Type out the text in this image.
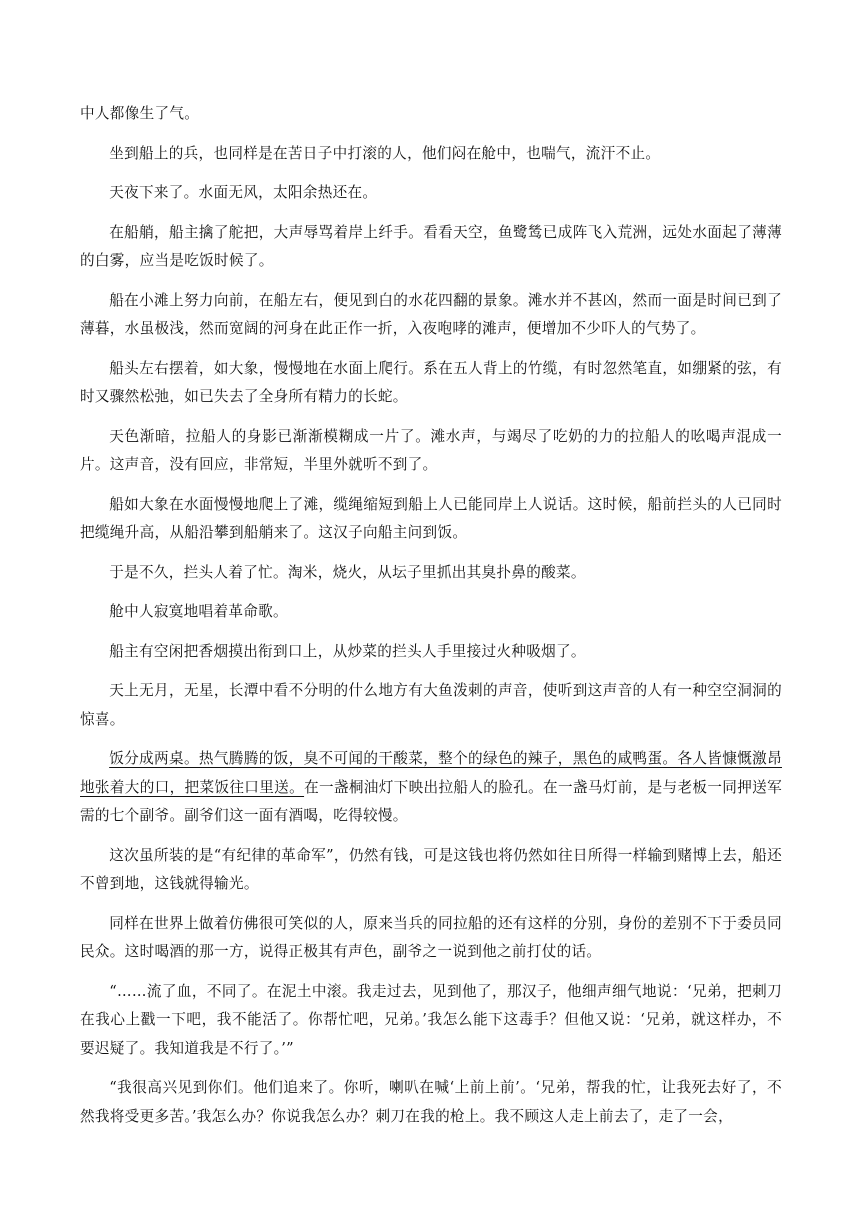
中人都像生了气。

坐到船上的兵，也同样是在苦日子中打滚的人，他们闷在舱中，也喘气，流汗不止。

天夜下来了。水面无风，太阳余热还在。

在船艄，船主擒了舵把，大声辱骂着岸上纤手。看看天空，鱼鹭鸶已成阵飞入荒洲，远处水面起了薄薄的白雾，应当是吃饭时候了。

船在小滩上努力向前，在船左右，便见到白的水花四翻的景象。滩水并不甚凶，然而一面是时间已到了薄暮，水虽极浅，然而宽阔的河身在此正作一折，入夜咆哮的滩声，便增加不少吓人的气势了。

船头左右摆着，如大象，慢慢地在水面上爬行。系在五人背上的竹缆，有时忽然笔直，如绷紧的弦，有时又骤然松弛，如已失去了全身所有精力的长蛇。

天色渐暗，拉船人的身影已渐渐模糊成一片了。滩水声，与竭尽了吃奶的力的拉船人的吆喝声混成一片。这声音，没有回应，非常短，半里外就听不到了。

船如大象在水面慢慢地爬上了滩，缆绳缩短到船上人已能同岸上人说话。这时候，船前拦头的人已同时把缆绳升高，从船沿攀到船艄来了。这汉子向船主问到饭。

于是不久，拦头人着了忙。淘米，烧火，从坛子里抓出其臭扑鼻的酸菜。

舱中人寂寞地唱着革命歌。

船主有空闲把香烟摸出衔到口上，从炒菜的拦头人手里接过火种吸烟了。

天上无月，无星，长潭中看不分明的什么地方有大鱼泼刺的声音，使听到这声音的人有一种空空洞洞的惊喜。

饭分成两桌。热气腾腾的饭，臭不可闻的干酸菜，整个的绿色的辣子，黑色的咸鸭蛋。各人皆慷慨激昂地张着大的口，把菜饭往口里送。在一盏桐油灯下映出拉船人的脸孔。在一盏马灯前，是与老板一同押送军需的七个副爷。副爷们这一面有酒喝，吃得较慢。

这次虽所装的是“有纪律的革命军”，仍然有钱，可是这钱也将仍然如往日所得一样输到赌博上去，船还不曾到地，这钱就得输光。

同样在世界上做着仿佛很可笑似的人，原来当兵的同拉船的还有这样的分别，身份的差别不下于委员同民众。这时喝酒的那一方，说得正极其有声色，副爷之一说到他之前打仗的话。

“……流了血，不同了。在泥土中滚。我走过去，见到他了，那汉子，他细声细气地说：‘兄弟，把刺刀在我心上戳一下吧，我不能活了。你帮忙吧，兄弟。’我怎么能下这毒手？但他又说：‘兄弟，就这样办，不要迟疑了。我知道我是不行了。’”

“我很高兴见到你们。他们追来了。你听，喇叭在喊‘上前上前’。‘兄弟，帮我的忙，让我死去好了，不然我将受更多苦。’我怎么办？你说我怎么办？刺刀在我的枪上。我不顾这人走上前去了，走了一会，
